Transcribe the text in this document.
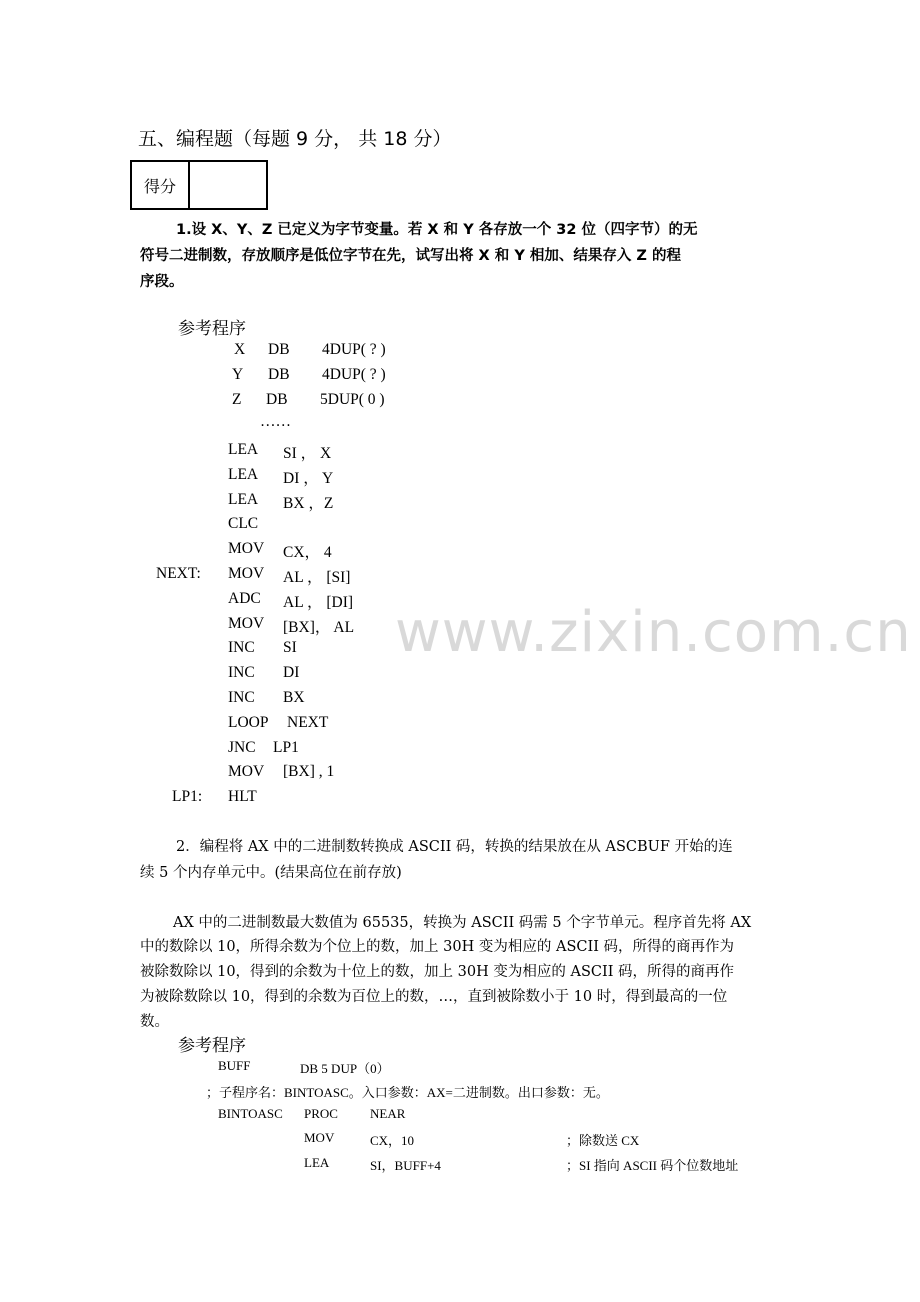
五、编程题（每题 9 分， 共 18 分）
得分
1.设 X、Y、Z 已定义为字节变量。若 X 和 Y 各存放一个 32 位（四字节）的无
符号二进制数，存放顺序是低位字节在先，试写出将 X 和 Y 相加、结果存入 Z 的程
序段。
参考程序
X DB 4DUP( ? )
Y DB 4DUP( ? )
Z DB 5DUP( 0 )
……
LEA SI ， X
LEA DI ， Y
LEA BX ，Z
CLC
MOV CX， 4
NEXT: MOV AL ， [SI]
ADC AL ， [DI]
MOV [BX]， AL
INC SI
INC DI
INC BX
LOOP NEXT
JNC LP1
MOV [BX] , 1
LP1: HLT
www.zixin.com.cn
2．编程将 AX 中的二进制数转换成 ASCII 码，转换的结果放在从 ASCBUF 开始的连
续 5 个内存单元中。(结果高位在前存放)
AX 中的二进制数最大数值为 65535，转换为 ASCII 码需 5 个字节单元。程序首先将 AX
中的数除以 10，所得余数为个位上的数，加上 30H 变为相应的 ASCII 码，所得的商再作为
被除数除以 10，得到的余数为十位上的数，加上 30H 变为相应的 ASCII 码，所得的商再作
为被除数除以 10，得到的余数为百位上的数，…，直到被除数小于 10 时，得到最高的一位
数。
参考程序
BUFF	DB 5 DUP（0）
；子程序名：BINTOASC。入口参数：AX=二进制数。出口参数：无。
BINTOASC PROC NEAR
MOV	CX，10	；除数送 CX
LEA	SI，BUFF+4	；SI 指向 ASCII 码个位数地址
